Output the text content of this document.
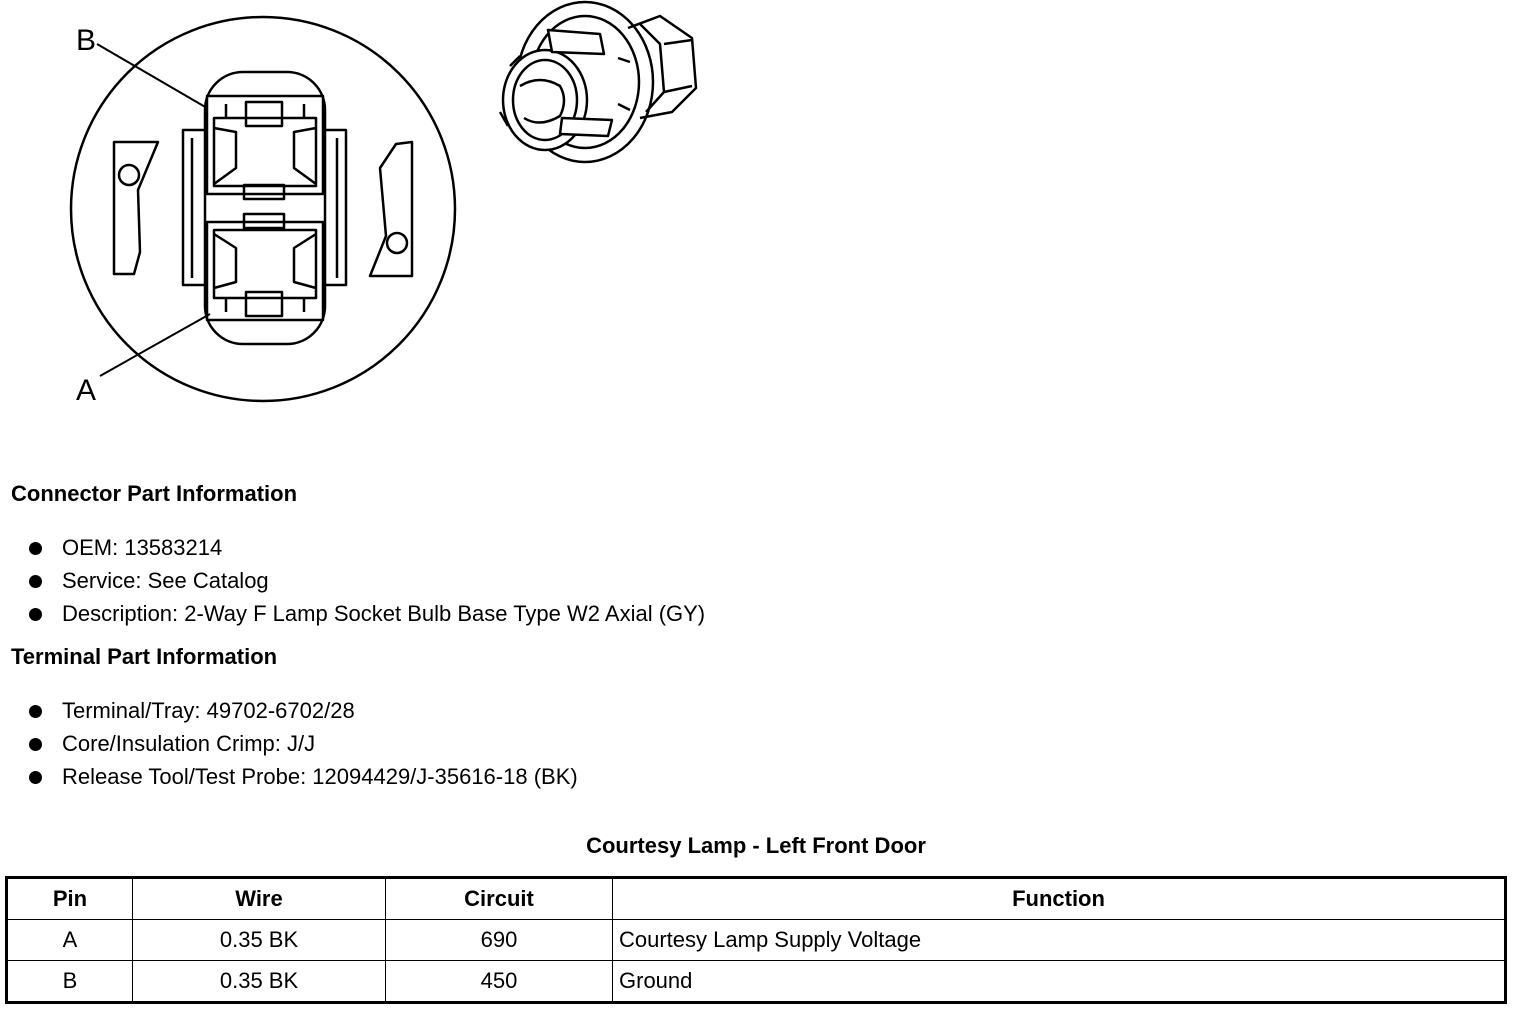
B
A
Connector Part Information
OEM: 13583214
Service: See Catalog
Description: 2-Way F Lamp Socket Bulb Base Type W2 Axial (GY)
Terminal Part Information
Terminal/Tray: 49702-6702/28
Core/Insulation Crimp: J/J
Release Tool/Test Probe: 12094429/J-35616-18 (BK)
Courtesy Lamp - Left Front Door
Pin	Wire	Circuit	Function
A	0.35 BK	690	Courtesy Lamp Supply Voltage
B	0.35 BK	450	Ground
